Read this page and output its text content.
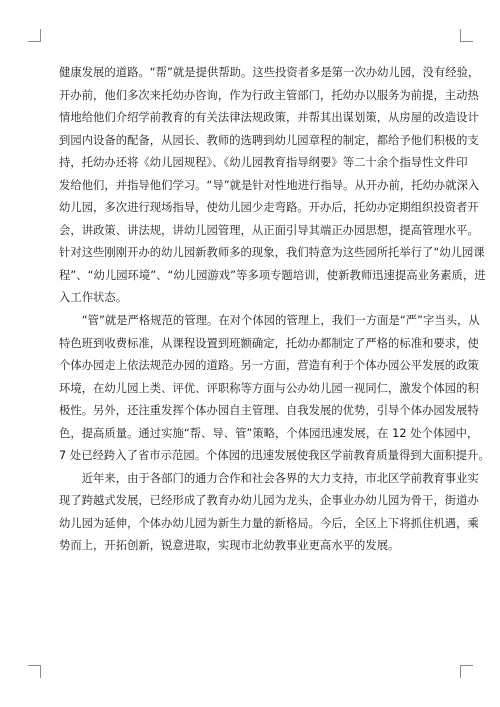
健康发展的道路。“帮”就是提供帮助。这些投资者多是第一次办幼儿园，没有经验，

开办前，他们多次来托幼办咨询，作为行政主管部门，托幼办以服务为前提，主动热

情地给他们介绍学前教育的有关法律法规政策，并帮其出谋划策，从房屋的改造设计

到园内设备的配备，从园长、教师的选聘到幼儿园章程的制定，都给予他们积极的支

持，托幼办还将《幼儿园规程》、《幼儿园教育指导纲要》等二十余个指导性文件印

发给他们，并指导他们学习。“导”就是针对性地进行指导。从开办前，托幼办就深入

幼儿园，多次进行现场指导，使幼儿园少走弯路。开办后，托幼办定期组织投资者开

会，讲政策、讲法规，讲幼儿园管理，从正面引导其端正办园思想，提高管理水平。

针对这些刚刚开办的幼儿园新教师多的现象，我们特意为这些园所托举行了“幼儿园课

程”、“幼儿园环境”、“幼儿园游戏”等多项专题培训，使新教师迅速提高业务素质，进

入工作状态。

　　“管”就是严格规范的管理。在对个体园的管理上，我们一方面是“严”字当头，从

特色班到收费标准，从课程设置到班额确定，托幼办都制定了严格的标准和要求，使

个体办园走上依法规范办园的道路。另一方面，营造有利于个体办园公平发展的政策

环境，在幼儿园上类、评优、评职称等方面与公办幼儿园一视同仁，激发个体园的积

极性。另外，还注重发挥个体办园自主管理、自我发展的优势，引导个体办园发展特

色，提高质量。通过实施“帮、导、管”策略，个体园迅速发展，在 12 处个体园中，

7 处已经跨入了省市示范园。个体园的迅速发展使我区学前教育质量得到大面积提升。

　　近年来，由于各部门的通力合作和社会各界的大力支持，市北区学前教育事业实

现了跨越式发展，已经形成了教育办幼儿园为龙头，企事业办幼儿园为骨干，街道办

幼儿园为延伸，个体办幼儿园为新生力量的新格局。今后，全区上下将抓住机遇，乘

势而上，开拓创新，锐意进取，实现市北幼教事业更高水平的发展。
